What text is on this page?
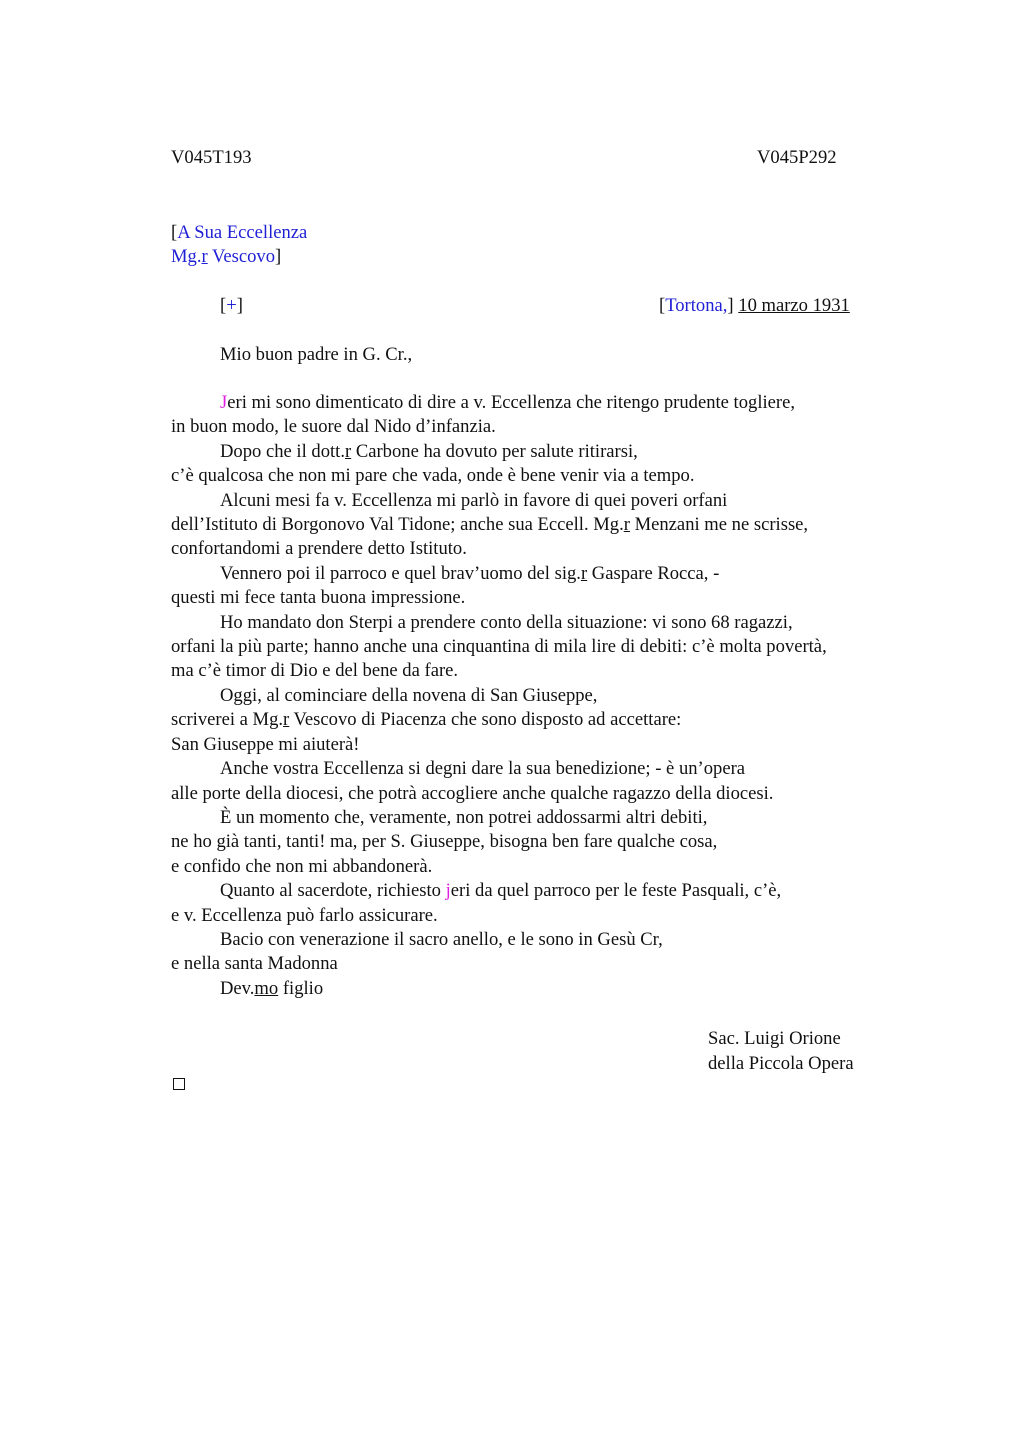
V045T193	V045P292
[A Sua Eccellenza
Mg.r Vescovo]
[+]	[Tortona,] 10 marzo 1931
Mio buon padre in G. Cr.,
Jeri mi sono dimenticato di dire a v. Eccellenza che ritengo prudente togliere,
in buon modo, le suore dal Nido d’infanzia.
Dopo che il dott.r Carbone ha dovuto per salute ritirarsi,
c’è qualcosa che non mi pare che vada, onde è bene venir via a tempo.
Alcuni mesi fa v. Eccellenza mi parlò in favore di quei poveri orfani
dell’Istituto di Borgonovo Val Tidone; anche sua Eccell. Mg.r Menzani me ne scrisse,
confortandomi a prendere detto Istituto.
Vennero poi il parroco e quel brav’uomo del sig.r Gaspare Rocca, -
questi mi fece tanta buona impressione.
Ho mandato don Sterpi a prendere conto della situazione: vi sono 68 ragazzi,
orfani la più parte; hanno anche una cinquantina di mila lire di debiti: c’è molta povertà,
ma c’è timor di Dio e del bene da fare.
Oggi, al cominciare della novena di San Giuseppe,
scriverei a Mg.r Vescovo di Piacenza che sono disposto ad accettare:
San Giuseppe mi aiuterà!
Anche vostra Eccellenza si degni dare la sua benedizione; - è un’opera
alle porte della diocesi, che potrà accogliere anche qualche ragazzo della diocesi.
È un momento che, veramente, non potrei addossarmi altri debiti,
ne ho già tanti, tanti! ma, per S. Giuseppe, bisogna ben fare qualche cosa,
e confido che non mi abbandonerà.
Quanto al sacerdote, richiesto jeri da quel parroco per le feste Pasquali, c’è,
e v. Eccellenza può farlo assicurare.
Bacio con venerazione il sacro anello, e le sono in Gesù Cr,
e nella santa Madonna
Dev.mo figlio
Sac. Luigi Orione
della Piccola Opera
